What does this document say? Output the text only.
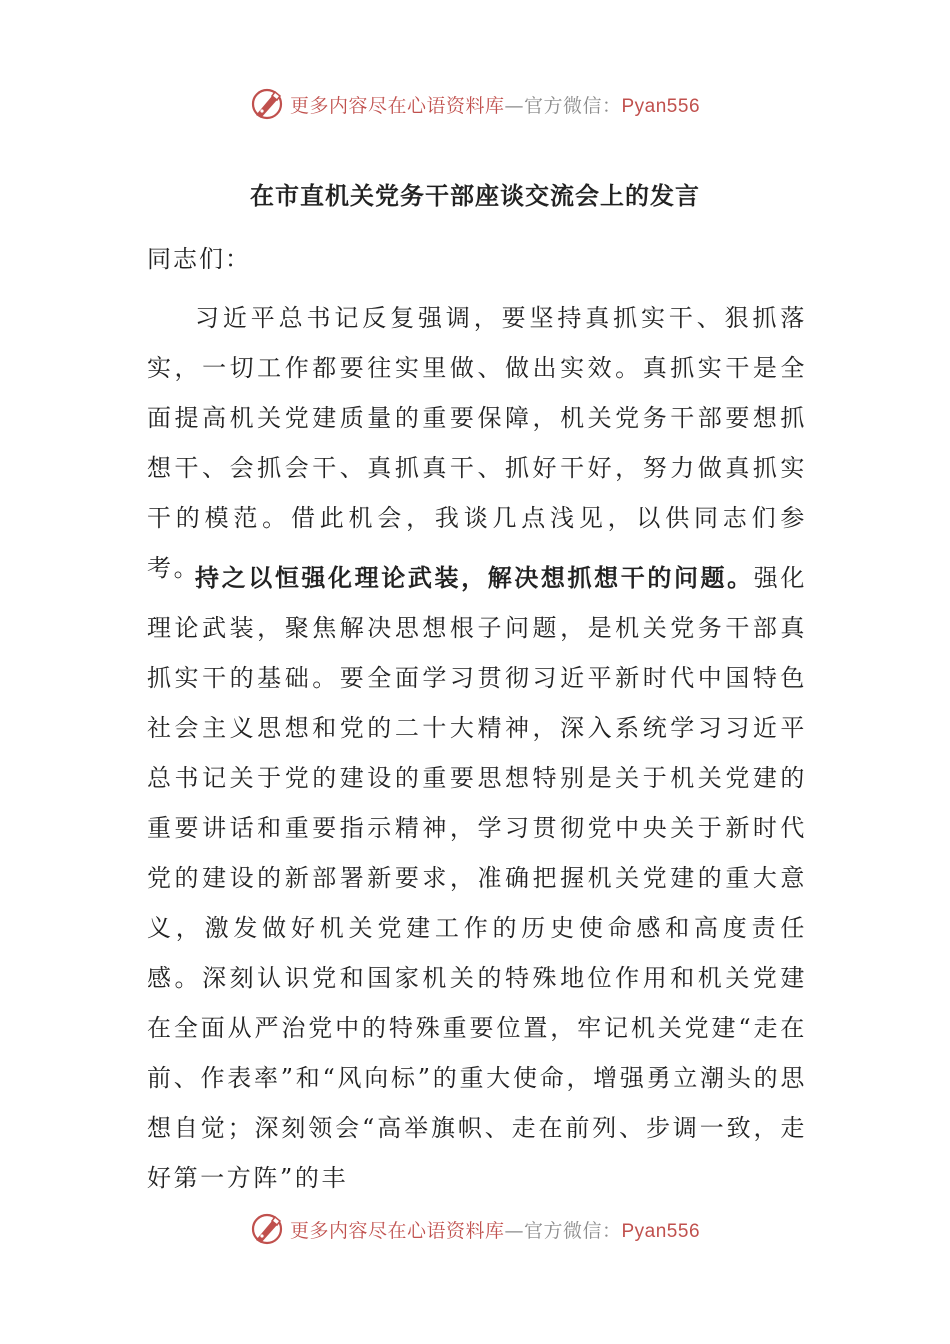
更多内容尽在心语资料库—官方微信：Pyan556
在市直机关党务干部座谈交流会上的发言
同志们：

习近平总书记反复强调，要坚持真抓实干、狠抓落实，一切工作都要往实里做、做出实效。真抓实干是全面提高机关党建质量的重要保障，机关党务干部要想抓想干、会抓会干、真抓真干、抓好干好，努力做真抓实干的模范。借此机会，我谈几点浅见，以供同志们参考。

持之以恒强化理论武装，解决想抓想干的问题。强化理论武装，聚焦解决思想根子问题，是机关党务干部真抓实干的基础。要全面学习贯彻习近平新时代中国特色社会主义思想和党的二十大精神，深入系统学习习近平总书记关于党的建设的重要思想特别是关于机关党建的重要讲话和重要指示精神，学习贯彻党中央关于新时代党的建设的新部署新要求，准确把握机关党建的重大意义，激发做好机关党建工作的历史使命感和高度责任感。深刻认识党和国家机关的特殊地位作用和机关党建在全面从严治党中的特殊重要位置，牢记机关党建“走在前、作表率”和“风向标”的重大使命，增强勇立潮头的思想自觉；深刻领会“高举旗帜、走在前列、步调一致，走好第一方阵”的丰

更多内容尽在心语资料库—官方微信：Pyan556
